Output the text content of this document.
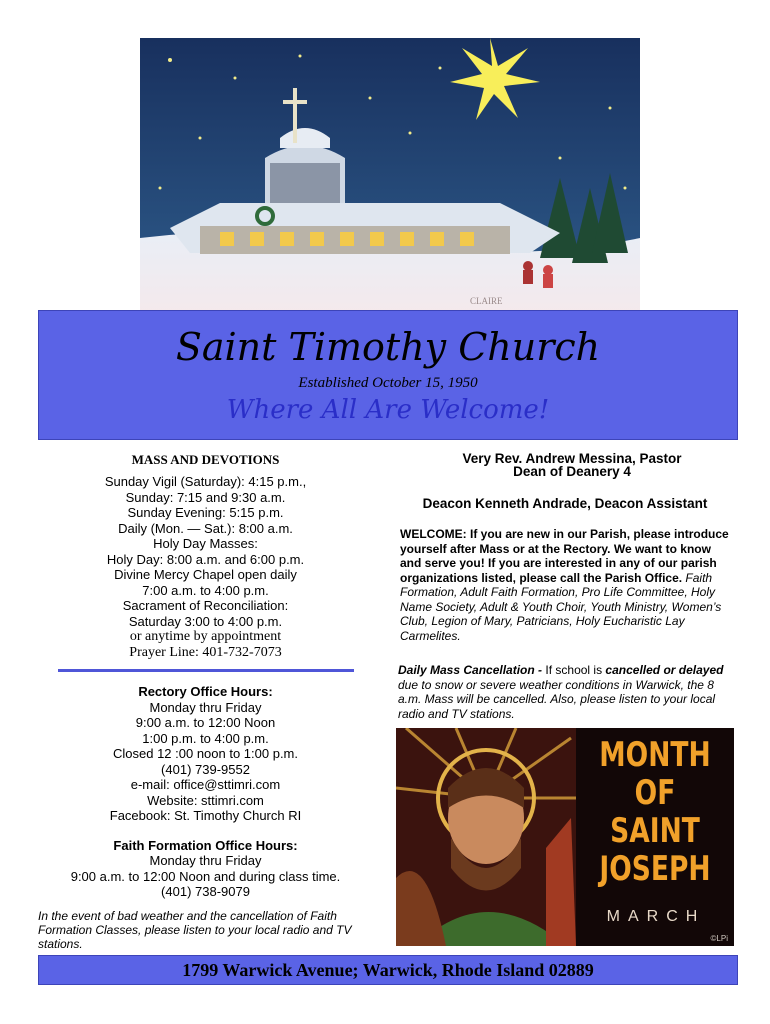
CLAIRE
Saint Timothy Church
Established October 15, 1950
Where All Are Welcome!
MASS AND DEVOTIONS
Sunday Vigil (Saturday): 4:15 p.m.,
Sunday: 7:15 and 9:30 a.m.
Sunday Evening: 5:15 p.m.
Daily (Mon. — Sat.): 8:00 a.m.
Holy Day Masses:
Holy Day: 8:00 a.m. and 6:00 p.m.
Divine Mercy Chapel open daily
7:00 a.m. to 4:00 p.m.
Sacrament of Reconciliation:
Saturday 3:00 to 4:00 p.m.
or anytime by appointment
Prayer Line: 401-732-7073
Rectory Office Hours:
Monday thru Friday
9:00 a.m. to 12:00 Noon
1:00 p.m. to 4:00 p.m.
Closed 12 :00 noon to 1:00 p.m.
(401) 739-9552
e-mail: office@sttimri.com
Website: sttimri.com
Facebook: St. Timothy Church RI
Faith Formation Office Hours:
Monday thru Friday
9:00 a.m. to 12:00 Noon and during class time.
(401) 738-9079
In the event of bad weather and the cancellation of Faith Formation Classes, please listen to your local radio and TV stations.
Very Rev. Andrew Messina, Pastor
Dean of Deanery 4
Deacon Kenneth Andrade, Deacon Assistant
WELCOME: If you are new in our Parish, please introduce yourself after Mass or at the Rectory. We want to know and serve you! If you are interested in any of our parish organizations listed, please call the Parish Office. Faith Formation, Adult Faith Formation, Pro Life Committee, Holy Name Society, Adult & Youth Choir, Youth Ministry, Women’s Club, Legion of Mary, Patricians, Holy Eucharistic Lay Carmelites.
Daily Mass Cancellation - If school is cancelled or delayed due to snow or severe weather conditions in Warwick, the 8 a.m. Mass will be cancelled. Also, please listen to your local radio and TV stations.
MONTH
OF
SAINT
JOSEPH
MARCH
©LPi
1799 Warwick Avenue; Warwick, Rhode Island 02889
